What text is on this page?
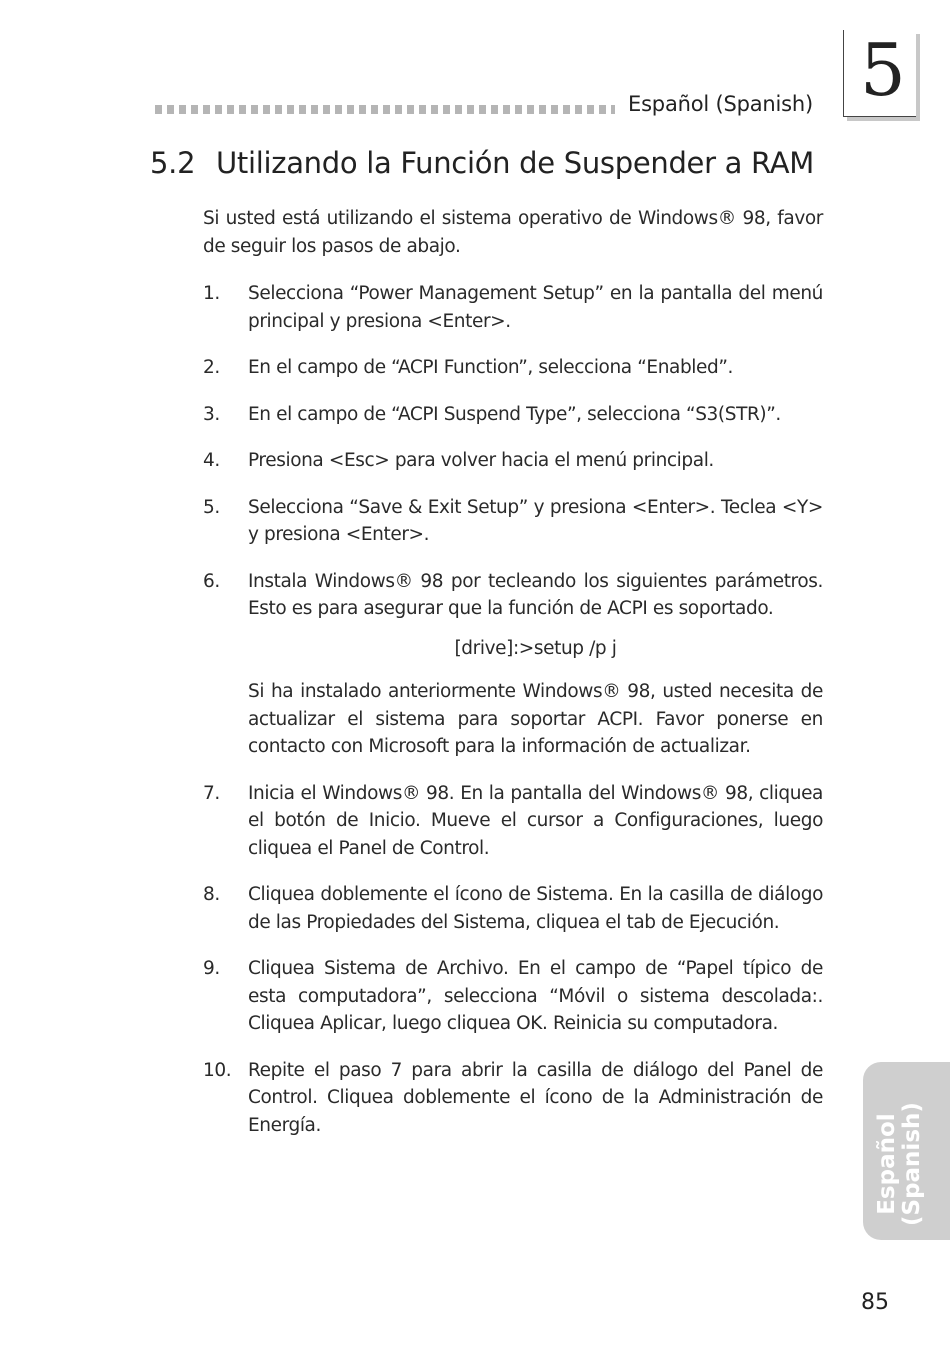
Español (Spanish) 5
5.2 Utilizando la Función de Suspender a RAM
Si usted está utilizando el sistema operativo de Windows® 98, favor de seguir los pasos de abajo.
1. Selecciona “Power Management Setup” en la pantalla del menú principal y presiona <Enter>.
2. En el campo de “ACPI Function”, selecciona “Enabled”.
3. En el campo de “ACPI Suspend Type”, selecciona “S3(STR)”.
4. Presiona <Esc> para volver hacia el menú principal.
5. Selecciona “Save & Exit Setup” y presiona <Enter>. Teclea <Y> y presiona <Enter>.
6. Instala Windows® 98 por tecleando los siguientes parámetros. Esto es para asegurar que la función de ACPI es soportado.
[drive]:>setup /p j
Si ha instalado anteriormente Windows® 98, usted necesita de actualizar el sistema para soportar ACPI. Favor ponerse en contacto con Microsoft para la información de actualizar.
7. Inicia el Windows® 98. En la pantalla del Windows® 98, cliquea el botón de Inicio. Mueve el cursor a Configuraciones, luego cliquea el Panel de Control.
8. Cliquea doblemente el ícono de Sistema. En la casilla de diálogo de las Propiedades del Sistema, cliquea el tab de Ejecución.
9. Cliquea Sistema de Archivo. En el campo de “Papel típico de esta computadora”, selecciona “Móvil o sistema descolada:. Cliquea Aplicar, luego cliquea OK. Reinicia su computadora.
10. Repite el paso 7 para abrir la casilla de diálogo del Panel de Control. Cliquea doblemente el ícono de la Administración de Energía.	Español (Spanish)
85
